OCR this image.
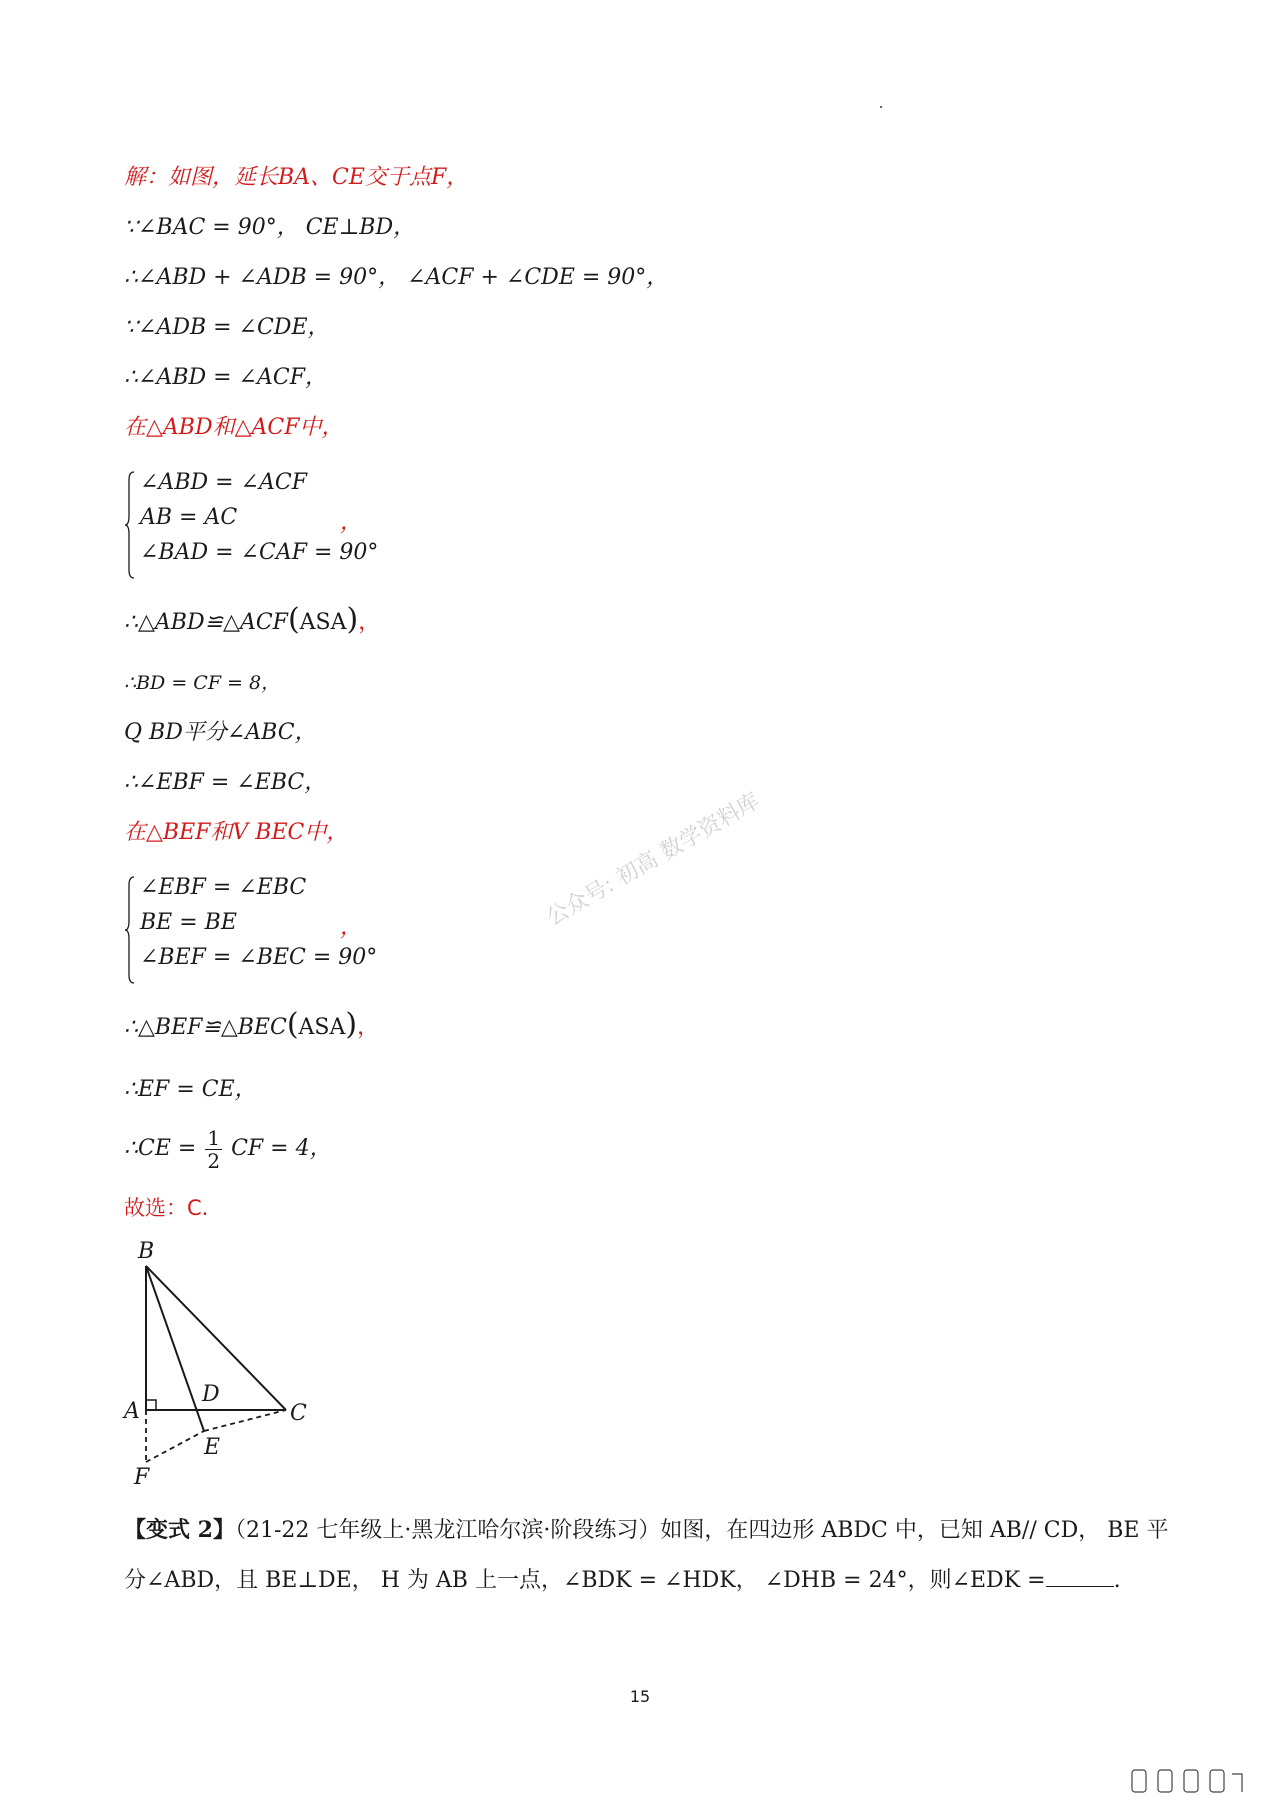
解：如图，延长BA、CE交于点F，
∵∠BAC = 90°， CE⊥BD，
∴∠ABD + ∠ADB = 90°， ∠ACF + ∠CDE = 90°，
∵∠ADB = ∠CDE，
∴∠ABD = ∠ACF，
在△ABD和△ACF中，
∠ABD = ∠ACF
AB = AC
∠BAD = ∠CAF = 90°
，
∴△ABD≌△ACF(ASA)，
∴BD = CF = 8，
Q BD平分∠ABC，
∴∠EBF = ∠EBC，
在△BEF和V BEC中，
∠EBF = ∠EBC
BE = BE
∠BEF = ∠BEC = 90°
，
∴△BEF≌△BEC(ASA)，
∴EF = CE，
∴CE = $\frac{1}{2}$ CF = 4，
故选：C.
B
A
D
C
E
F
【变式 2】（21-22 七年级上·黑龙江哈尔滨·阶段练习）如图，在四边形 ABDC 中，已知 AB// CD， BE 平分∠ABD，且 BE⊥DE， H 为 AB 上一点，∠BDK = ∠HDK， ∠DHB = 24°，则∠EDK =	.
公众号: 初高 数学资料库
15
